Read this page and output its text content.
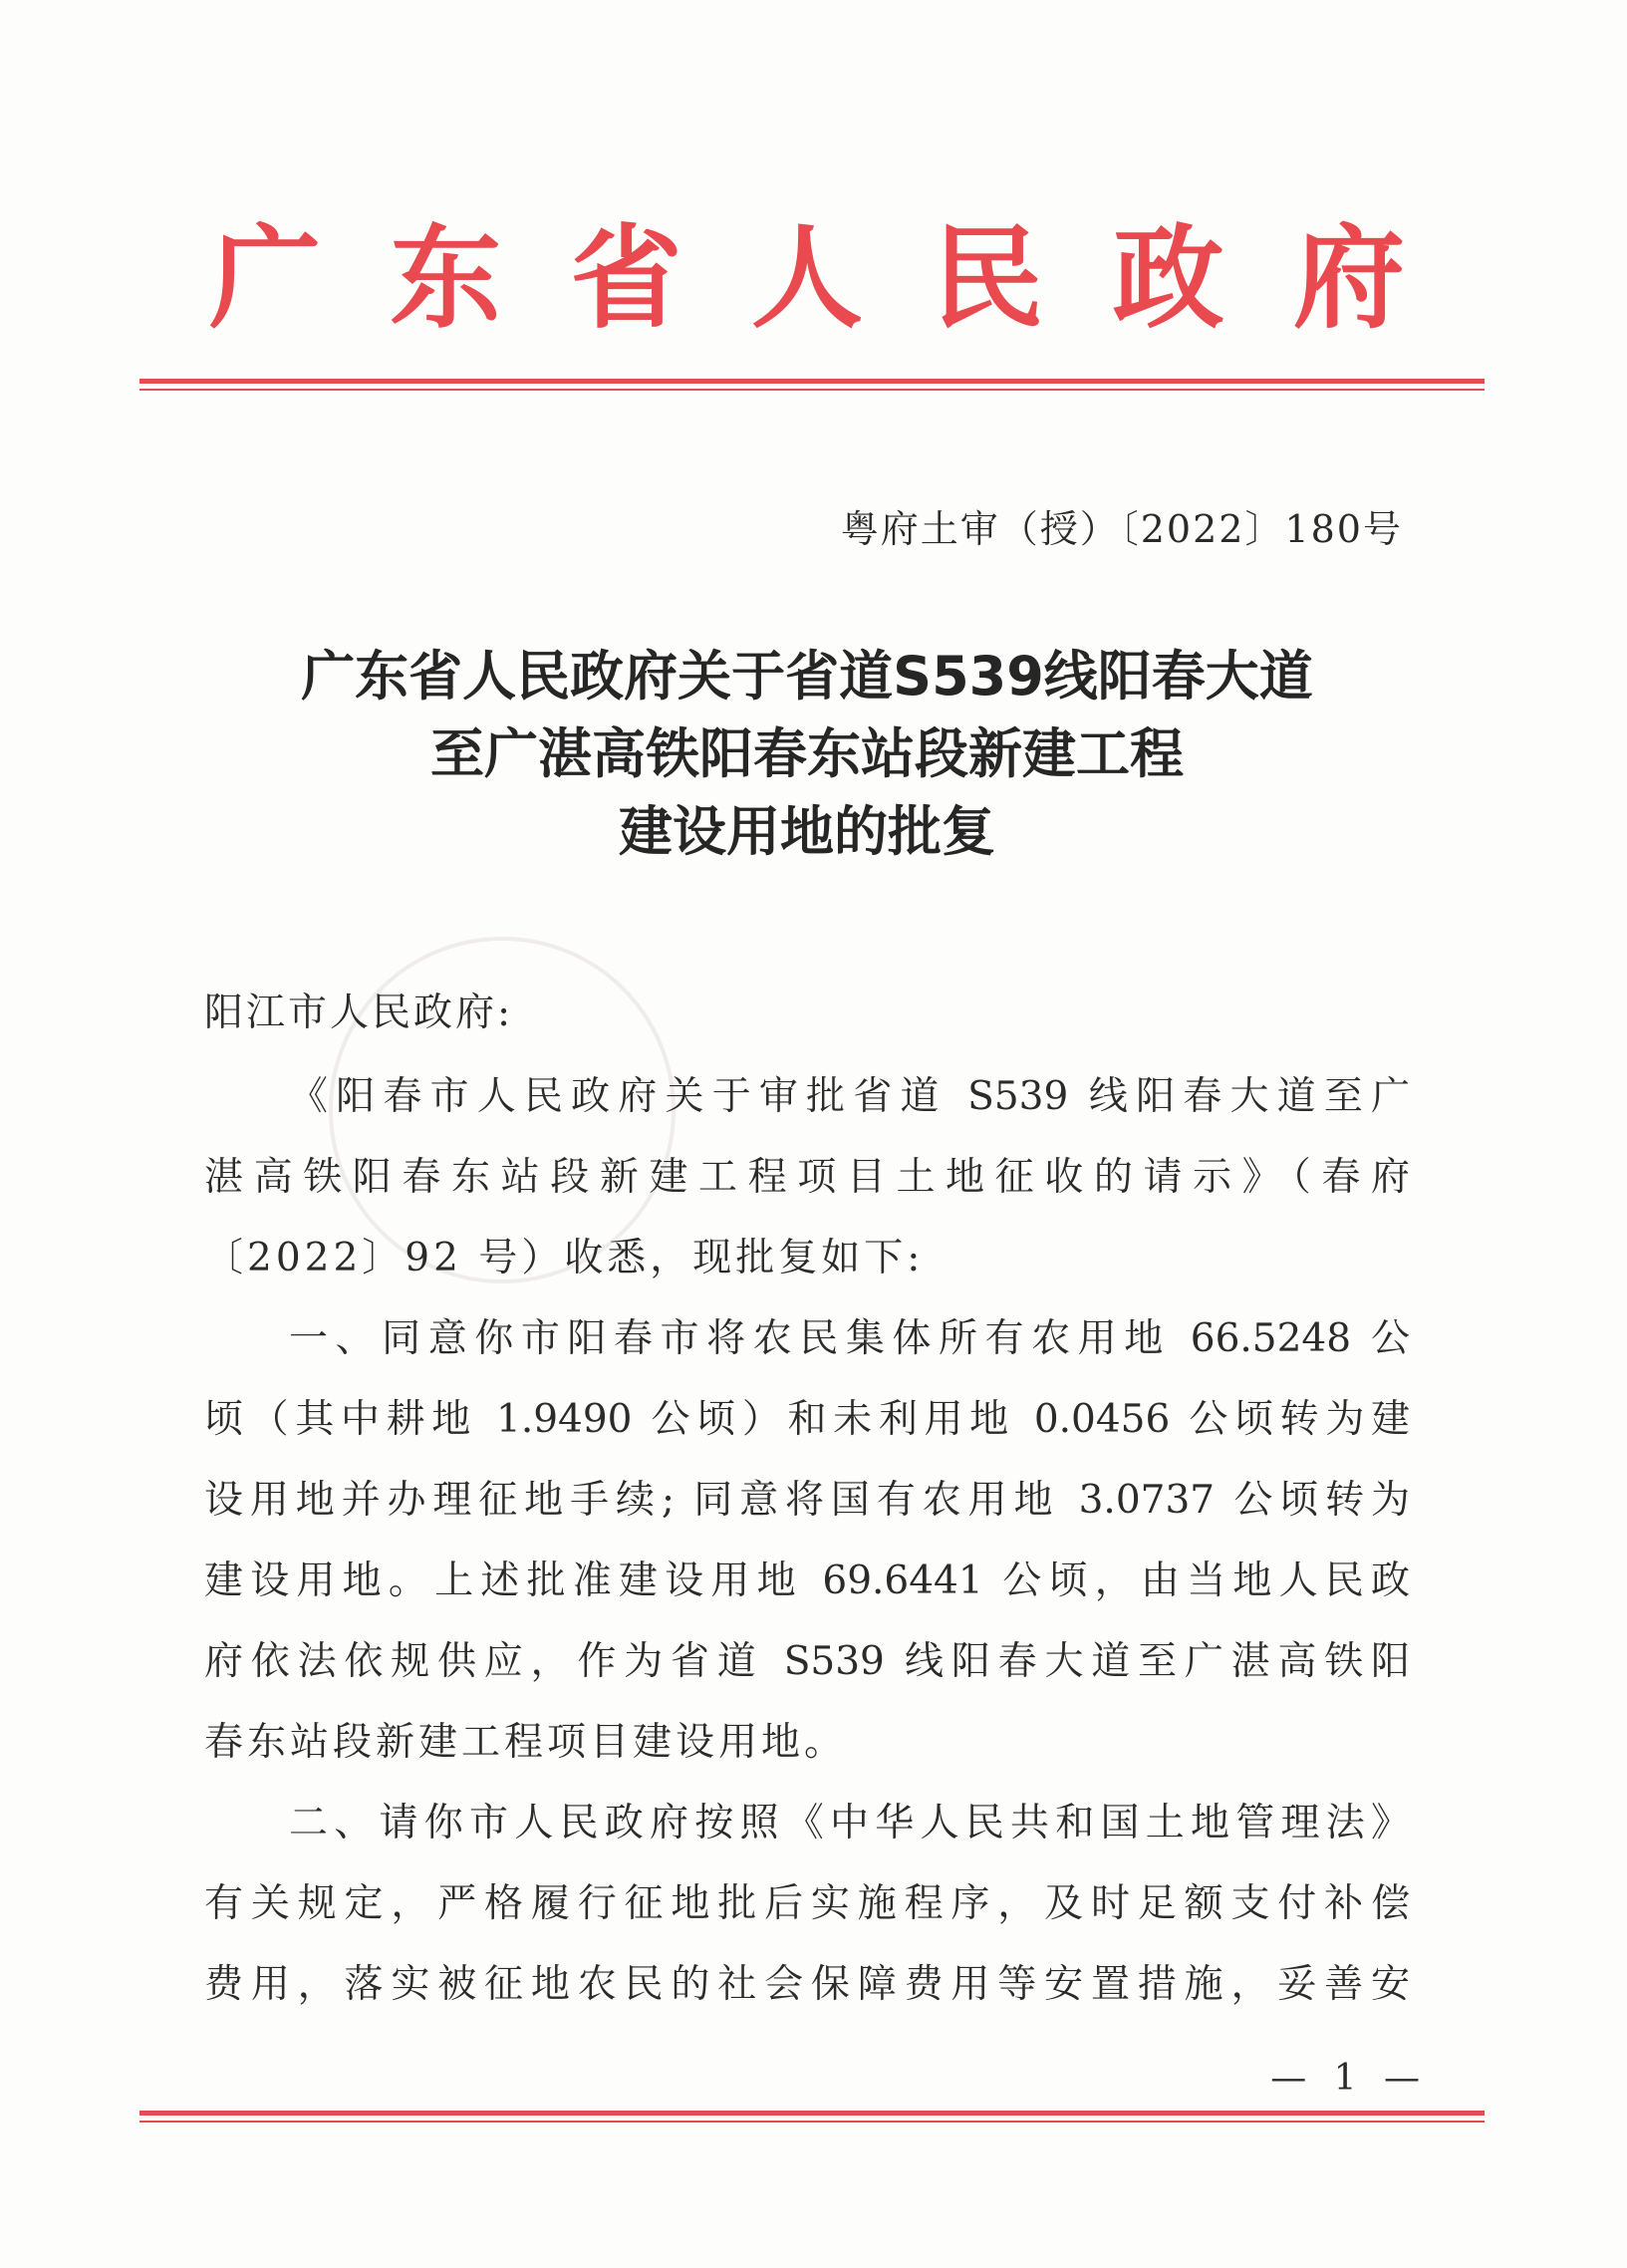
广 东 省 人 民 政 府
粤府土审（授）〔2022〕180号
广东省人民政府关于省道S539线阳春大道
至广湛高铁阳春东站段新建工程
建设用地的批复
阳江市人民政府:
《阳春市人民政府关于审批省道 S539 线阳春大道至广
湛高铁阳春东站段新建工程项目土地征收的请示》（春府
〔2022〕92 号）收悉，现批复如下:
一、同意你市阳春市将农民集体所有农用地 66.5248 公
顷（其中耕地 1.9490 公顷）和未利用地 0.0456 公顷转为建
设用地并办理征地手续; 同意将国有农用地 3.0737 公顷转为
建设用地。上述批准建设用地 69.6441 公顷，由当地人民政
府依法依规供应，作为省道 S539 线阳春大道至广湛高铁阳
春东站段新建工程项目建设用地。
二、请你市人民政府按照《中华人民共和国土地管理法》
有关规定，严格履行征地批后实施程序，及时足额支付补偿
费用，落实被征地农民的社会保障费用等安置措施，妥善安
— 1 —
